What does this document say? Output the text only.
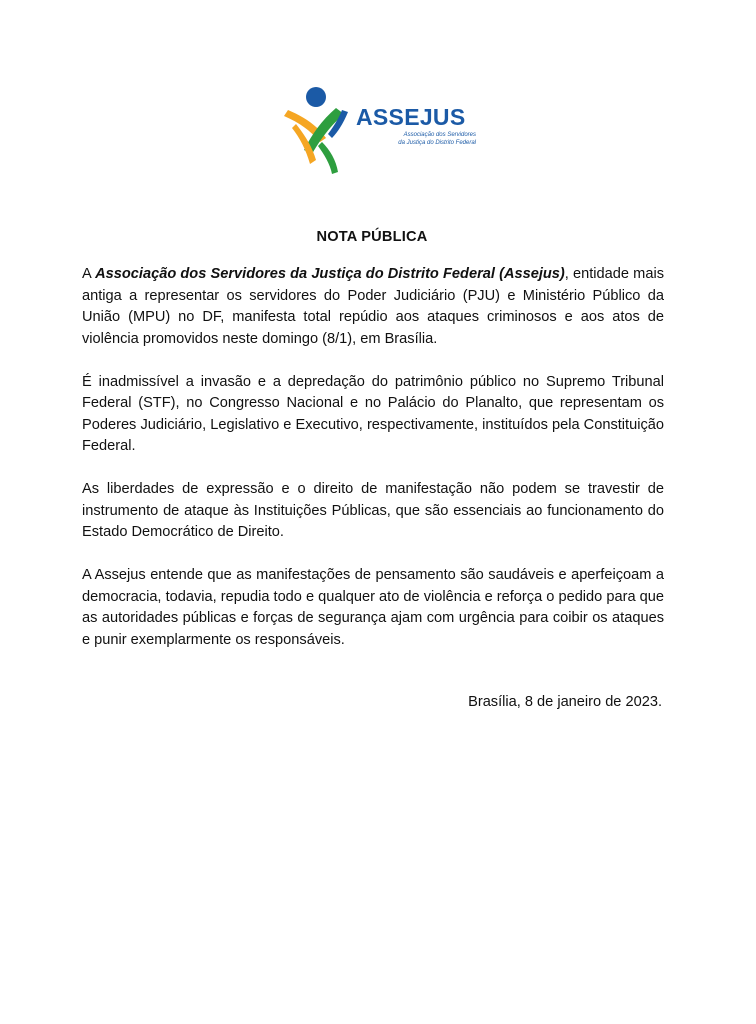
ASSEJUS
Associação dos Servidores
da Justiça do Distrito Federal
NOTA PÚBLICA

A Associação dos Servidores da Justiça do Distrito Federal (Assejus), entidade mais antiga a representar os servidores do Poder Judiciário (PJU) e Ministério Público da União (MPU) no DF, manifesta total repúdio aos ataques criminosos e aos atos de violência promovidos neste domingo (8/1), em Brasília.

É inadmissível a invasão e a depredação do patrimônio público no Supremo Tribunal Federal (STF), no Congresso Nacional e no Palácio do Planalto, que representam os Poderes Judiciário, Legislativo e Executivo, respectivamente, instituídos pela Constituição Federal.

As liberdades de expressão e o direito de manifestação não podem se travestir de instrumento de ataque às Instituições Públicas, que são essenciais ao funcionamento do Estado Democrático de Direito.

A Assejus entende que as manifestações de pensamento são saudáveis e aperfeiçoam a democracia, todavia, repudia todo e qualquer ato de violência e reforça o pedido para que as autoridades públicas e forças de segurança ajam com urgência para coibir os ataques e punir exemplarmente os responsáveis.

Brasília, 8 de janeiro de 2023.
